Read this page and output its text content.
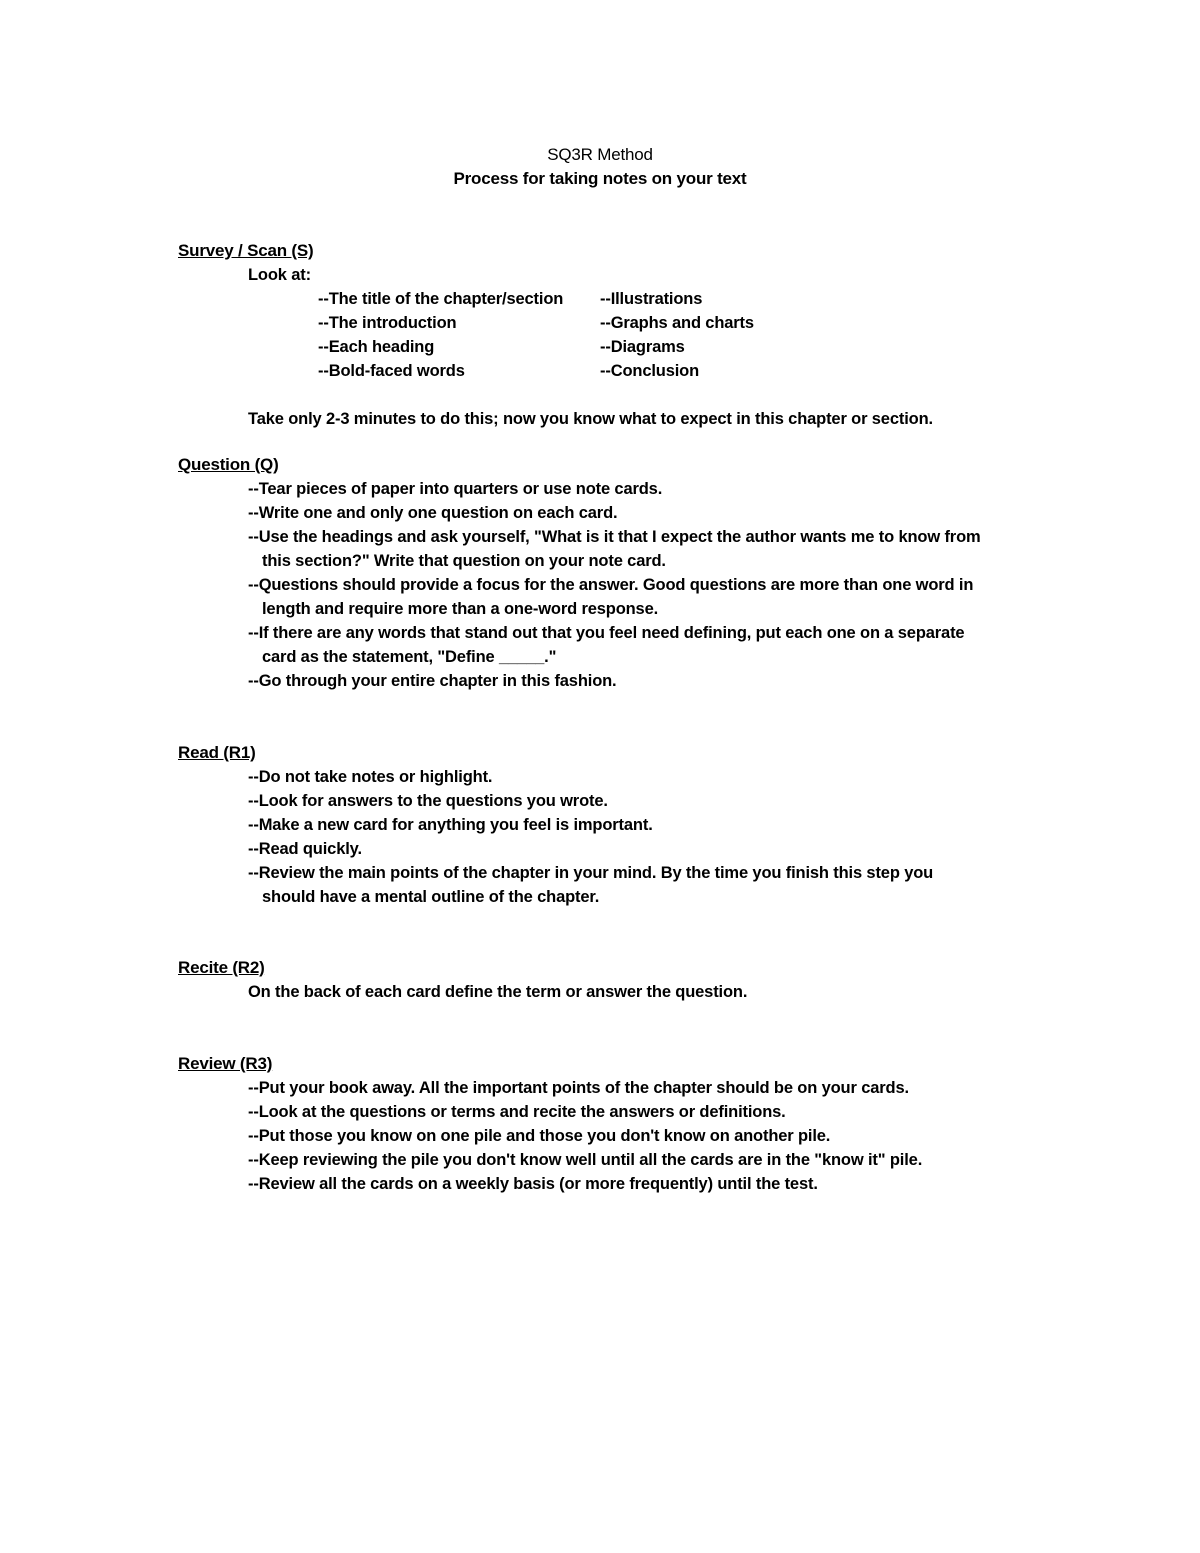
SQ3R Method
Process for taking notes on your text
Survey / Scan (S)
Look at:
--The title of the chapter/section	--Illustrations
--The introduction	--Graphs and charts
--Each heading	--Diagrams
--Bold-faced words	--Conclusion
Take only 2-3 minutes to do this; now you know what to expect in this chapter or section.
Question (Q)
--Tear pieces of paper into quarters or use note cards.
--Write one and only one question on each card.
--Use the headings and ask yourself, "What is it that I expect the author wants me to know from
this section?" Write that question on your note card.
--Questions should provide a focus for the answer. Good questions are more than one word in
length and require more than a one-word response.
--If there are any words that stand out that you feel need defining, put each one on a separate
card as the statement, "Define _____."
--Go through your entire chapter in this fashion.
Read (R1)
--Do not take notes or highlight.
--Look for answers to the questions you wrote.
--Make a new card for anything you feel is important.
--Read quickly.
--Review the main points of the chapter in your mind. By the time you finish this step you
should have a mental outline of the chapter.
Recite (R2)
On the back of each card define the term or answer the question.
Review (R3)
--Put your book away. All the important points of the chapter should be on your cards.
--Look at the questions or terms and recite the answers or definitions.
--Put those you know on one pile and those you don't know on another pile.
--Keep reviewing the pile you don't know well until all the cards are in the "know it" pile.
--Review all the cards on a weekly basis (or more frequently) until the test.
